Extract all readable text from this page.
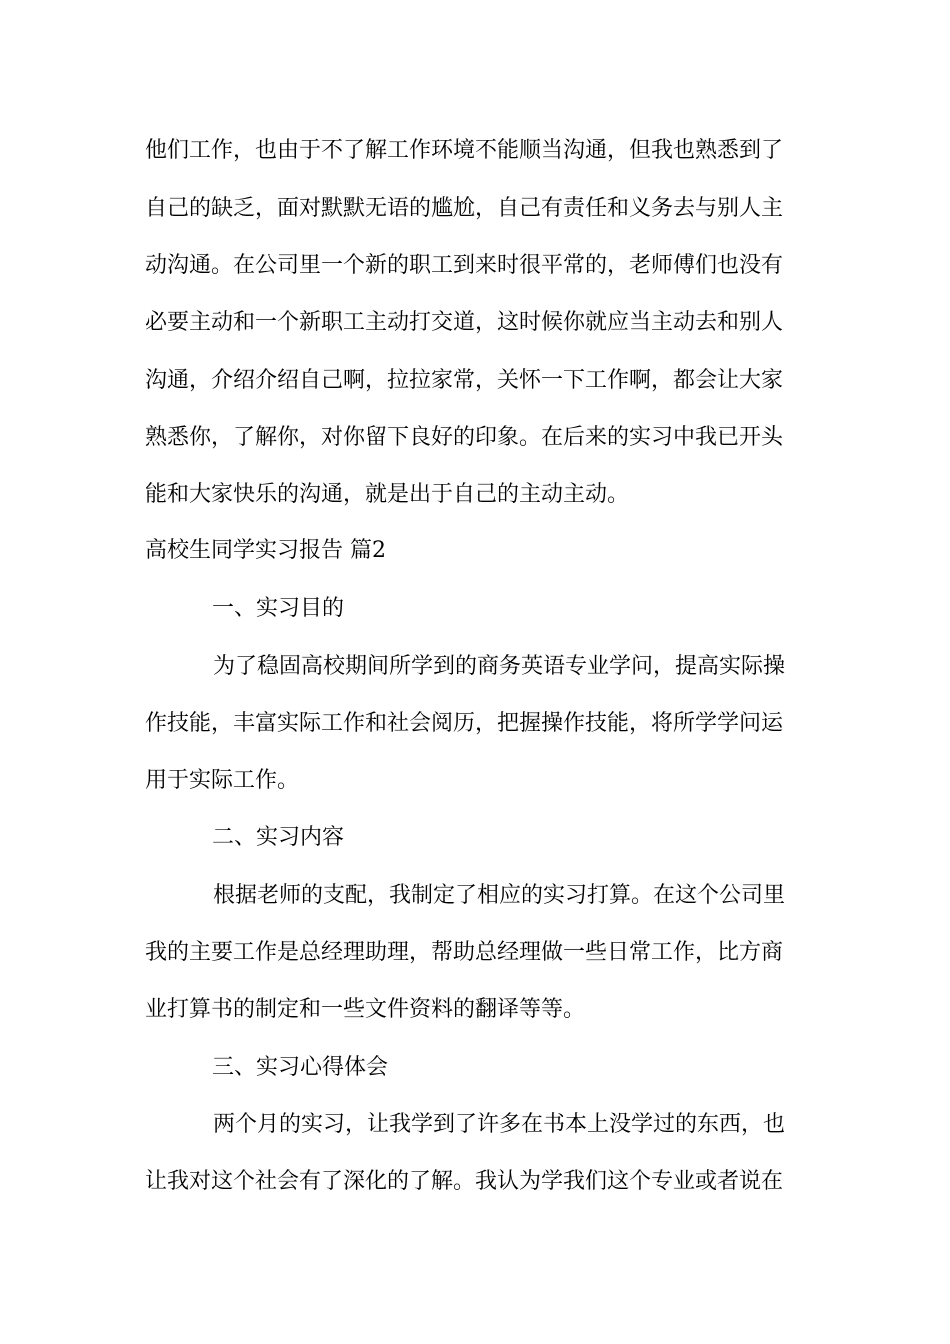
他们工作，也由于不了解工作环境不能顺当沟通，但我也熟悉到了
自己的缺乏，面对默默无语的尴尬，自己有责任和义务去与别人主
动沟通。在公司里一个新的职工到来时很平常的，老师傅们也没有
必要主动和一个新职工主动打交道，这时候你就应当主动去和别人
沟通，介绍介绍自己啊，拉拉家常，关怀一下工作啊，都会让大家
熟悉你，了解你，对你留下良好的印象。在后来的实习中我已开头
能和大家快乐的沟通，就是出于自己的主动主动。
高校生同学实习报告 篇2
一、实习目的
为了稳固高校期间所学到的商务英语专业学问，提高实际操
作技能，丰富实际工作和社会阅历，把握操作技能，将所学学问运
用于实际工作。
二、实习内容
根据老师的支配，我制定了相应的实习打算。在这个公司里
我的主要工作是总经理助理，帮助总经理做一些日常工作，比方商
业打算书的制定和一些文件资料的翻译等等。
三、实习心得体会
两个月的实习，让我学到了许多在书本上没学过的东西，也
让我对这个社会有了深化的了解。我认为学我们这个专业或者说在
